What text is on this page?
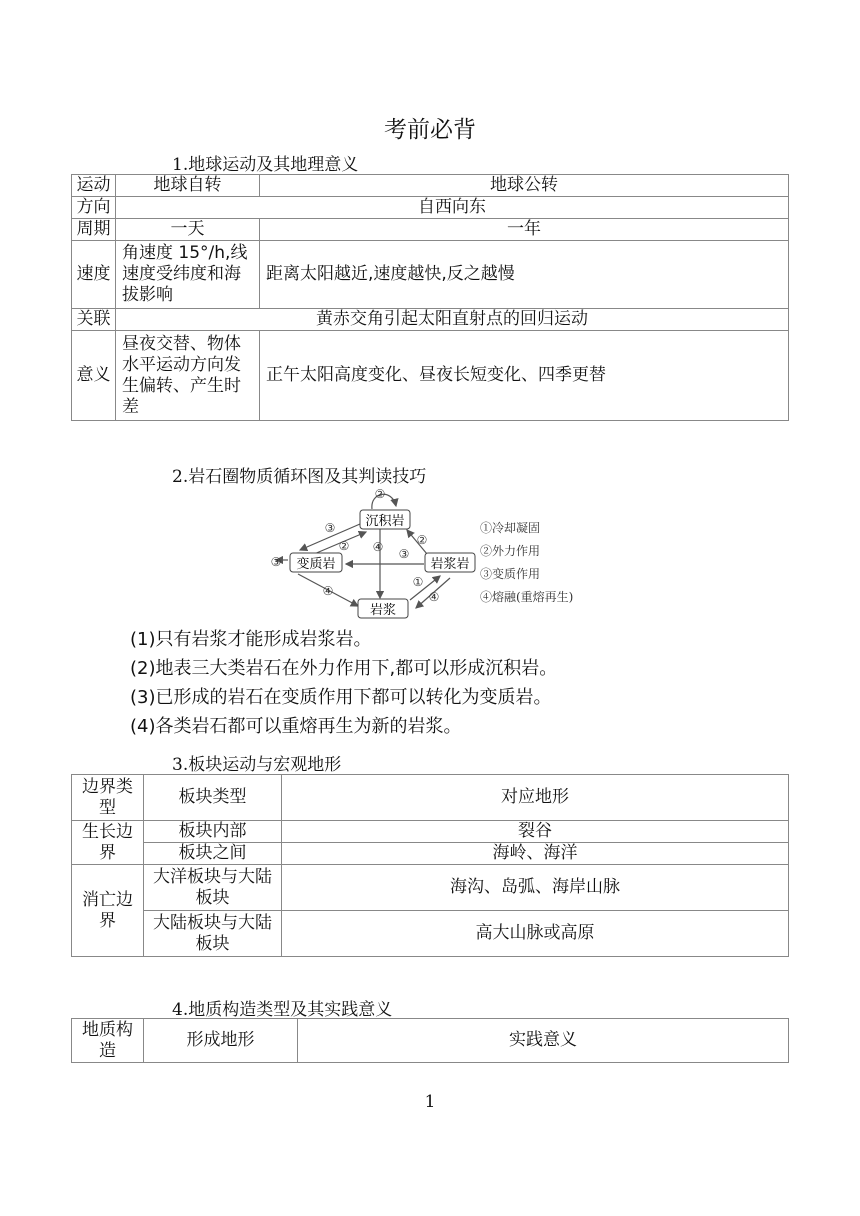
考前必背
1.地球运动及其地理意义
运动	地球自转	地球公转
方向	自西向东	
周期	一天	一年
速度	角速度 15°/h,线速度受纬度和海拔影响	距离太阳越近,速度越快,反之越慢
关联	黄赤交角引起太阳直射点的回归运动	
意义	昼夜交替、物体水平运动方向发生偏转、产生时差	正午太阳高度变化、昼夜长短变化、四季更替
2.岩石圈物质循环图及其判读技巧
沉积岩
变质岩	岩浆岩
岩浆
②
③
② ④	②
③
③
④
①
④
①冷却凝固
②外力作用
③变质作用
④熔融(重熔再生)
(1)只有岩浆才能形成岩浆岩。
(2)地表三大类岩石在外力作用下,都可以形成沉积岩。
(3)已形成的岩石在变质作用下都可以转化为变质岩。
(4)各类岩石都可以重熔再生为新的岩浆。
3.板块运动与宏观地形
边界类型	板块类型	对应地形
生长边界	板块内部	裂谷
	板块之间	海岭、海洋
消亡边界	大洋板块与大陆板块	海沟、岛弧、海岸山脉
	大陆板块与大陆板块	高大山脉或高原
4.地质构造类型及其实践意义
地质构造	形成地形	实践意义
1
